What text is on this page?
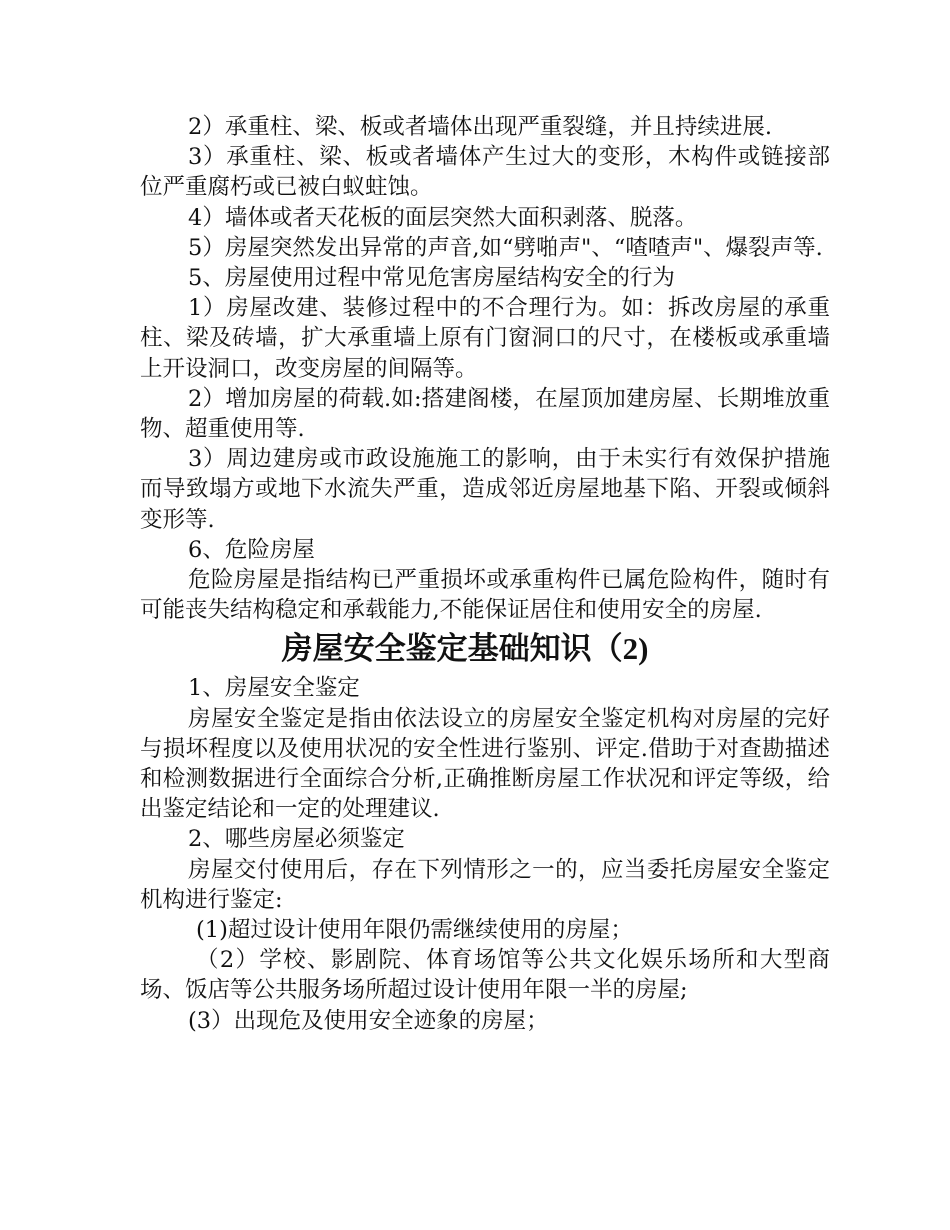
2）承重柱、梁、板或者墙体出现严重裂缝，并且持续进展.

3）承重柱、梁、板或者墙体产生过大的变形，木构件或链接部位严重腐朽或已被白蚁蛀蚀。

4）墙体或者天花板的面层突然大面积剥落、脱落。

5）房屋突然发出异常的声音,如“劈啪声"、“喳喳声"、爆裂声等.

5、房屋使用过程中常见危害房屋结构安全的行为

1）房屋改建、装修过程中的不合理行为。如：拆改房屋的承重柱、梁及砖墙，扩大承重墙上原有门窗洞口的尺寸，在楼板或承重墙上开设洞口，改变房屋的间隔等。

2）增加房屋的荷载.如:搭建阁楼，在屋顶加建房屋、长期堆放重物、超重使用等.

3）周边建房或市政设施施工的影响，由于未实行有效保护措施而导致塌方或地下水流失严重，造成邻近房屋地基下陷、开裂或倾斜变形等.

6、危险房屋

危险房屋是指结构已严重损坏或承重构件已属危险构件，随时有可能丧失结构稳定和承载能力,不能保证居住和使用安全的房屋.

房屋安全鉴定基础知识（2)

1、房屋安全鉴定

房屋安全鉴定是指由依法设立的房屋安全鉴定机构对房屋的完好与损坏程度以及使用状况的安全性进行鉴别、评定.借助于对查勘描述和检测数据进行全面综合分析,正确推断房屋工作状况和评定等级，给出鉴定结论和一定的处理建议.

2、哪些房屋必须鉴定

房屋交付使用后，存在下列情形之一的，应当委托房屋安全鉴定机构进行鉴定:

(1)超过设计使用年限仍需继续使用的房屋；

（2）学校、影剧院、体育场馆等公共文化娱乐场所和大型商场、饭店等公共服务场所超过设计使用年限一半的房屋;

(3）出现危及使用安全迹象的房屋；
